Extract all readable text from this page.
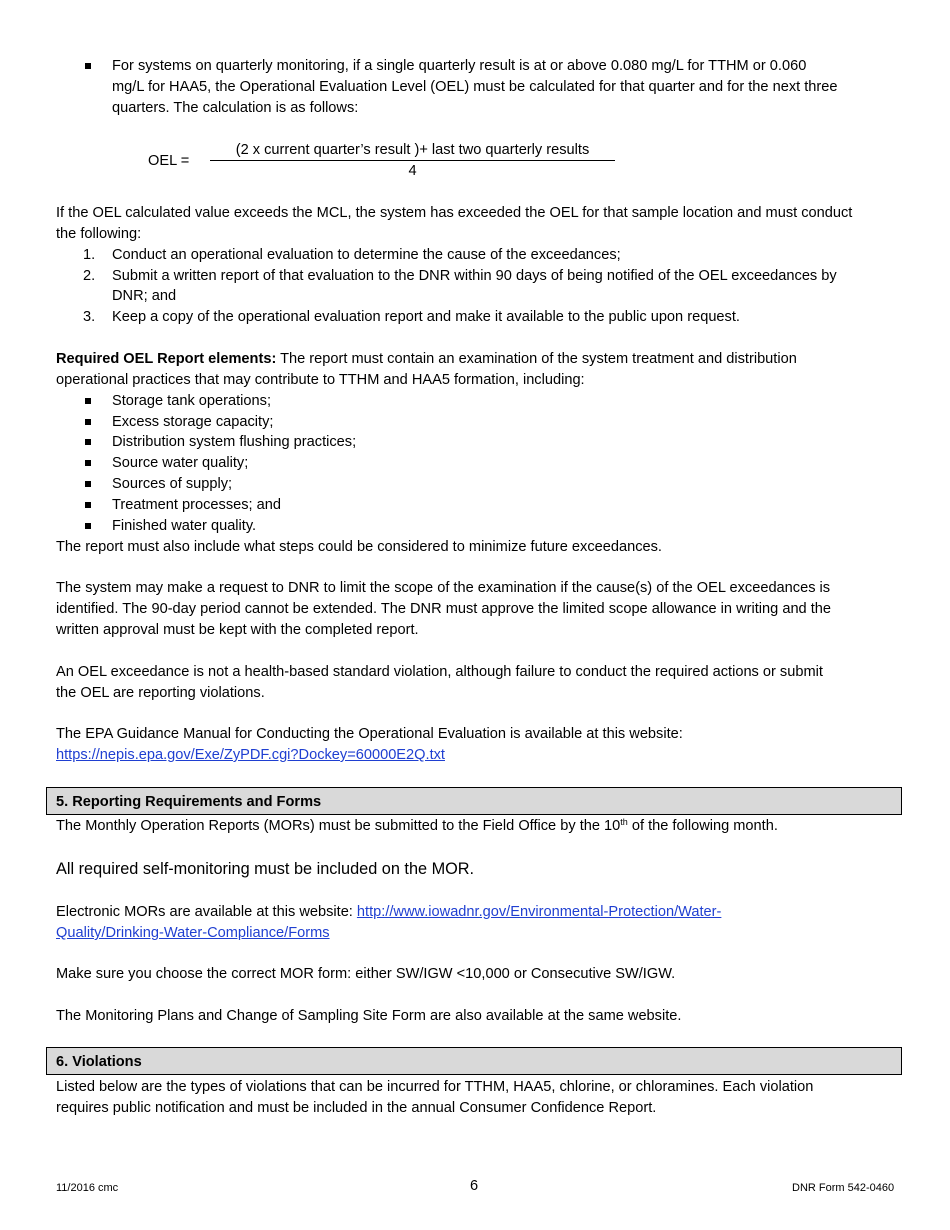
For systems on quarterly monitoring, if a single quarterly result is at or above 0.080 mg/L for TTHM or 0.060
mg/L for HAA5, the Operational Evaluation Level (OEL) must be calculated for that quarter and for the next three
quarters. The calculation is as follows:
OEL =
(2 x current quarter’s result )+ last two quarterly results
4
If the OEL calculated value exceeds the MCL, the system has exceeded the OEL for that sample location and must conduct
the following:
1. Conduct an operational evaluation to determine the cause of the exceedances;
2. Submit a written report of that evaluation to the DNR within 90 days of being notified of the OEL exceedances by
DNR; and
3. Keep a copy of the operational evaluation report and make it available to the public upon request.
Required OEL Report elements: The report must contain an examination of the system treatment and distribution
operational practices that may contribute to TTHM and HAA5 formation, including:
Storage tank operations;
Excess storage capacity;
Distribution system flushing practices;
Source water quality;
Sources of supply;
Treatment processes; and
Finished water quality.
The report must also include what steps could be considered to minimize future exceedances.
The system may make a request to DNR to limit the scope of the examination if the cause(s) of the OEL exceedances is
identified. The 90-day period cannot be extended. The DNR must approve the limited scope allowance in writing and the
written approval must be kept with the completed report.
An OEL exceedance is not a health-based standard violation, although failure to conduct the required actions or submit
the OEL are reporting violations.
The EPA Guidance Manual for Conducting the Operational Evaluation is available at this website:
https://nepis.epa.gov/Exe/ZyPDF.cgi?Dockey=60000E2Q.txt
5. Reporting Requirements and Forms
The Monthly Operation Reports (MORs) must be submitted to the Field Office by the 10th of the following month.
All required self-monitoring must be included on the MOR.
Electronic MORs are available at this website: http://www.iowadnr.gov/Environmental-Protection/Water-
Quality/Drinking-Water-Compliance/Forms
Make sure you choose the correct MOR form: either SW/IGW <10,000 or Consecutive SW/IGW.
The Monitoring Plans and Change of Sampling Site Form are also available at the same website.
6. Violations
Listed below are the types of violations that can be incurred for TTHM, HAA5, chlorine, or chloramines. Each violation
requires public notification and must be included in the annual Consumer Confidence Report.
11/2016 cmc	6	DNR Form 542-0460
